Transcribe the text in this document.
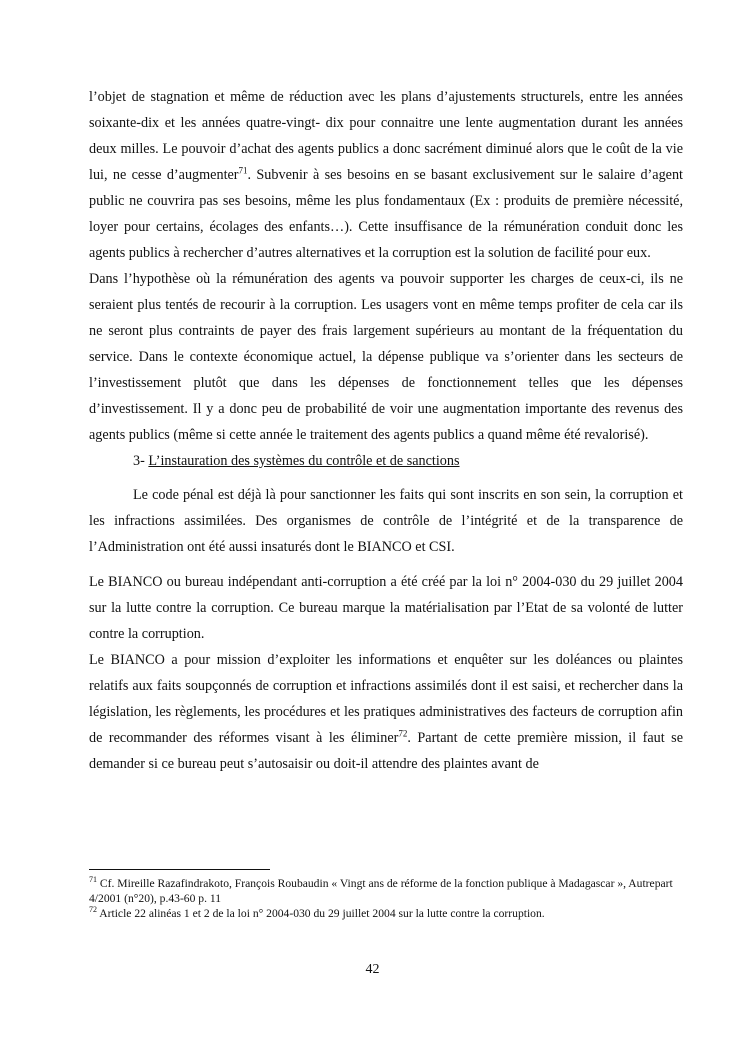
l’objet de stagnation et même de réduction avec les plans d’ajustements structurels, entre les années soixante-dix et les années quatre-vingt- dix pour connaitre une lente augmentation durant les années deux milles. Le pouvoir d’achat des agents publics a donc sacrément diminué alors que le coût de la vie lui, ne cesse d’augmenter$^{71}$. Subvenir à ses besoins en se basant exclusivement sur le salaire d’agent public ne couvrira pas ses besoins, même les plus fondamentaux (Ex : produits de première nécessité, loyer pour certains, écolages des enfants…). Cette insuffisance de la rémunération conduit donc les agents publics à rechercher d’autres alternatives et la corruption est la solution de facilité pour eux.

Dans l’hypothèse où la rémunération des agents va pouvoir supporter les charges de ceux-ci, ils ne seraient plus tentés de recourir à la corruption. Les usagers vont en même temps profiter de cela car ils ne seront plus contraints de payer des frais largement supérieurs au montant de la fréquentation du service. Dans le contexte économique actuel, la dépense publique va s’orienter dans les secteurs de l’investissement plutôt que dans les dépenses de fonctionnement telles que les dépenses d’investissement. Il y a donc peu de probabilité de voir une augmentation importante des revenus des agents publics (même si cette année le traitement des agents publics a quand même été revalorisé).

3- L’instauration des systèmes du contrôle et de sanctions

Le code pénal est déjà là pour sanctionner les faits qui sont inscrits en son sein, la corruption et les infractions assimilées. Des organismes de contrôle de l’intégrité et de la transparence de l’Administration ont été aussi insaturés dont le BIANCO et CSI.

Le BIANCO ou bureau indépendant anti-corruption a été créé par la loi n° 2004-030 du 29 juillet 2004 sur la lutte contre la corruption. Ce bureau marque la matérialisation par l’Etat de sa volonté de lutter contre la corruption.

Le BIANCO a pour mission d’exploiter les informations et enquêter sur les doléances ou plaintes relatifs aux faits soupçonnés de corruption et infractions assimilés dont il est saisi, et rechercher dans la législation, les règlements, les procédures et les pratiques administratives des facteurs de corruption afin de recommander des réformes visant à les éliminer$^{72}$. Partant de cette première mission, il faut se demander si ce bureau peut s’autosaisir ou doit-il attendre des plaintes avant de

$^{71}$ Cf. Mireille Razafindrakoto, François Roubaudin « Vingt ans de réforme de la fonction publique à Madagascar », Autrepart 4/2001 (n°20), p.43-60 p. 11

$^{72}$ Article 22 alinéas 1 et 2 de la loi n° 2004-030 du 29 juillet 2004 sur la lutte contre la corruption.

42
